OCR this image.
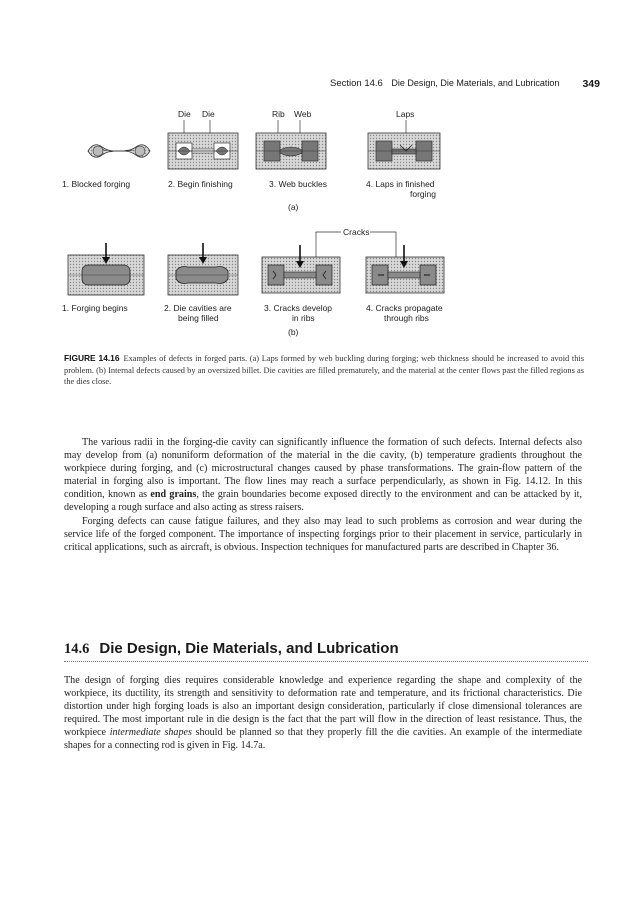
Section 14.6 Die Design, Die Materials, and Lubrication 349
Die Die	Rib Web	Laps
1. Blocked forging	2. Begin finishing	3. Web buckles	4. Laps in finished
forging
(a)
Cracks
1. Forging begins	2. Die cavities are
being filled
3. Cracks develop
in ribs
4. Cracks propagate
through ribs
(b)
FIGURE 14.16 Examples of defects in forged parts. (a) Laps formed by web buckling during forging; web thickness should be increased to avoid this problem. (b) Internal defects caused by an oversized billet. Die cavities are filled prematurely, and the material at the center flows past the filled regions as the dies close.

The various radii in the forging-die cavity can significantly influence the formation of such defects. Internal defects also may develop from (a) nonuniform deformation of the material in the die cavity, (b) temperature gradients throughout the workpiece during forging, and (c) microstructural changes caused by phase transformations. The grain-flow pattern of the material in forging also is important. The flow lines may reach a surface perpendicularly, as shown in Fig. 14.12. In this condition, known as end grains, the grain boundaries become exposed directly to the environment and can be attacked by it, developing a rough surface and also acting as stress raisers.

Forging defects can cause fatigue failures, and they also may lead to such problems as corrosion and wear during the service life of the forged component. The importance of inspecting forgings prior to their placement in service, particularly in critical applications, such as aircraft, is obvious. Inspection techniques for manufactured parts are described in Chapter 36.

14.6 Die Design, Die Materials, and Lubrication

The design of forging dies requires considerable knowledge and experience regarding the shape and complexity of the workpiece, its ductility, its strength and sensitivity to deformation rate and temperature, and its frictional characteristics. Die distortion under high forging loads is also an important design consideration, particularly if close dimensional tolerances are required. The most important rule in die design is the fact that the part will flow in the direction of least resistance. Thus, the workpiece intermediate shapes should be planned so that they properly fill the die cavities. An example of the intermediate shapes for a connecting rod is given in Fig. 14.7a.
